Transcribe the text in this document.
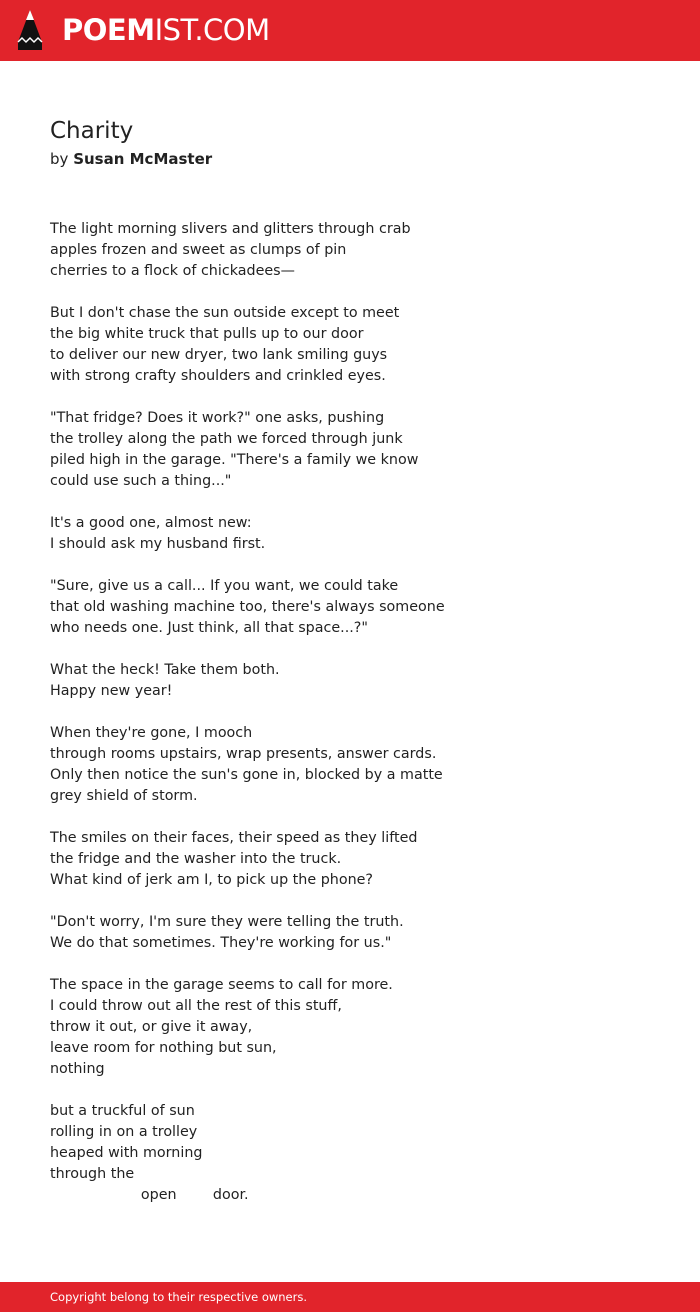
POEMIST.COM
Charity
by Susan McMaster
The light morning slivers and glitters through crab
apples frozen and sweet as clumps of pin
cherries to a flock of chickadees—
But I don't chase the sun outside except to meet
the big white truck that pulls up to our door
to deliver our new dryer, two lank smiling guys
with strong crafty shoulders and crinkled eyes.
"That fridge? Does it work?" one asks, pushing
the trolley along the path we forced through junk
piled high in the garage. "There's a family we know
could use such a thing..."
It's a good one, almost new:
I should ask my husband first.
"Sure, give us a call... If you want, we could take
that old washing machine too, there's always someone
who needs one. Just think, all that space...?"
What the heck! Take them both.
Happy new year!
When they're gone, I mooch
through rooms upstairs, wrap presents, answer cards.
Only then notice the sun's gone in, blocked by a matte
grey shield of storm.
The smiles on their faces, their speed as they lifted
the fridge and the washer into the truck.
What kind of jerk am I, to pick up the phone?
"Don't worry, I'm sure they were telling the truth.
We do that sometimes. They're working for us."
The space in the garage seems to call for more.
I could throw out all the rest of this stuff,
throw it out, or give it away,
leave room for nothing but sun,
nothing
but a truckful of sun
rolling in on a trolley
heaped with morning
through the
open        door.
Copyright belong to their respective owners.
